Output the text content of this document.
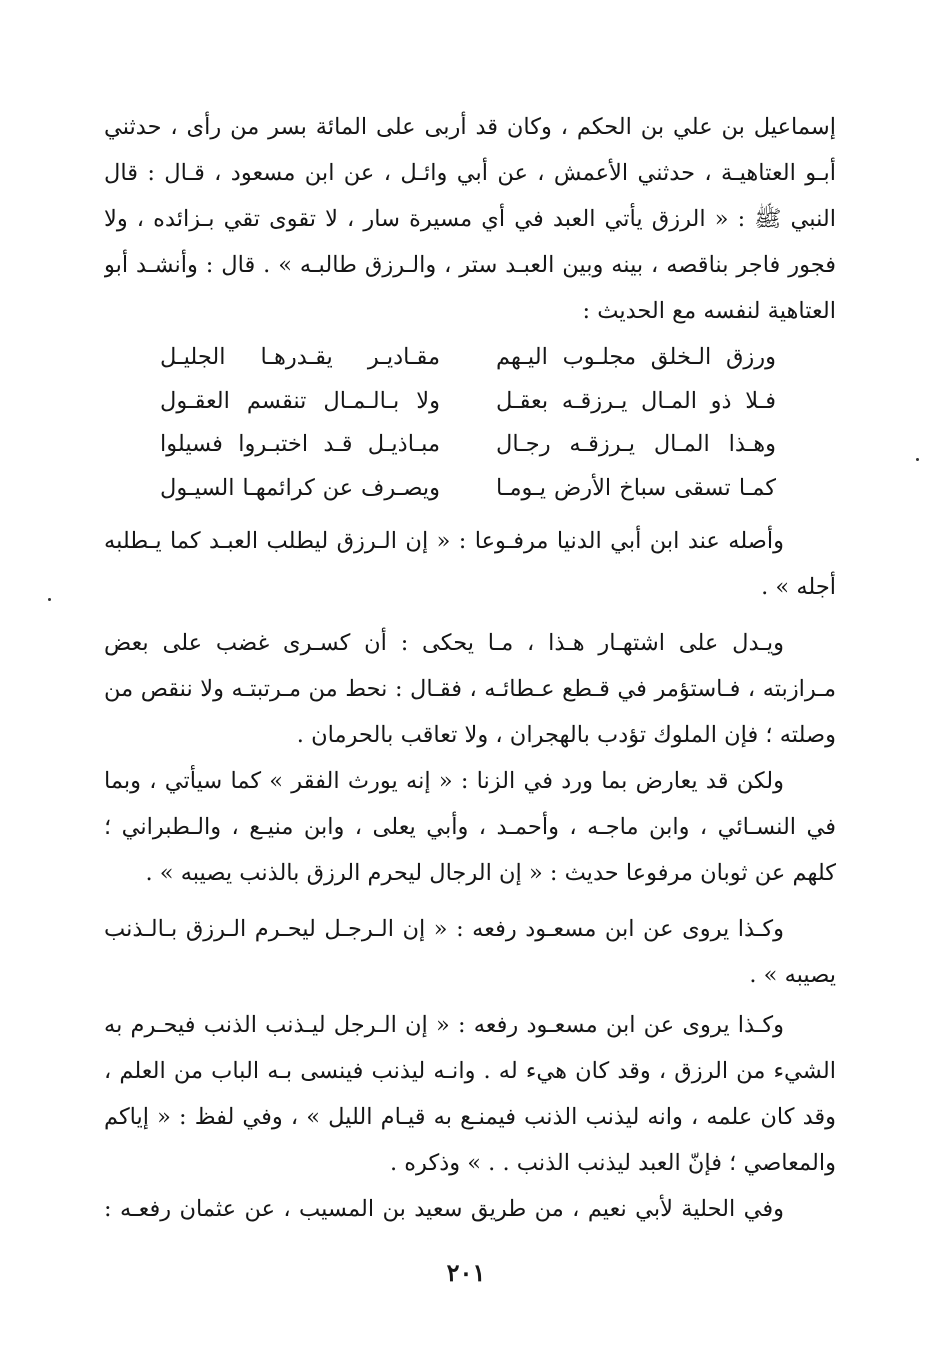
إسماعيل بن علي بن الحكم ، وكان قد أربى على المائة بسر من رأى ، حدثني
أبـو العتاهيـة ، حدثني الأعمش ، عن أبي وائـل ، عن ابن مسعود ، قـال : قال
النبي ﷺ : « الرزق يأتي العبد في أي مسيرة سار ، لا تقوى تقي بـزائده ، ولا
فجور فاجر بناقصه ، بينه وبين العبـد ستر ، والـرزق طالبـه » . قال : وأنشـد أبو
العتاهية لنفسه مع الحديث :
ورزق الـخلق مجلـوب اليـهم
مقـاديـر يقـدرهـا الجليـل
فـلا ذو المـال يـرزقـه بعقـل
ولا بـالـمـال تنقسم العقـول
وهـذا المـال يـرزقـه رجـال
مبـاذيـل قـد اختبـروا فسيلوا
كمـا تسقى سباخ الأرض يـومـا
ويصـرف عن كرائمهـا السيـول
وأصله عند ابن أبي الدنيا مرفـوعا : « إن الـرزق ليطلب العبـد كما يـطلبه
أجله » .
ويـدل على اشتهـار هـذا ، مـا يحكى : أن كسـرى غضب على بعض
مـرازبته ، فـاستؤمر في قـطع عـطائـه ، فقـال : نحط من مـرتبتـه ولا ننقص من
وصلته ؛ فإن الملوك تؤدب بالهجران ، ولا تعاقب بالحرمان .
ولكن قد يعارض بما ورد في الزنا : « إنه يورث الفقر » كما سيأتي ، وبما
في النسـائي ، وابن ماجـه ، وأحمـد ، وأبي يعلى ، وابن منيـع ، والـطبراني ؛
كلهم عن ثوبان مرفوعا حديث : « إن الرجال ليحرم الرزق بالذنب يصيبه » .
وكـذا يروى عن ابن مسعـود رفعه : « إن الـرجـل ليحـرم الـرزق بـالـذنب
يصيبه » .
وكـذا يروى عن ابن مسعـود رفعه : « إن الـرجل ليـذنب الذنب فيحـرم به
الشيء من الرزق ، وقد كان هيء له . وانـه ليذنب فينسى بـه الباب من العلم ،
وقد كان علمه ، وانه ليذنب الذنب فيمنـع به قيـام الليل » ، وفي لفظ : « إياكم
والمعاصي ؛ فإنّ العبد ليذنب الذنب . . » وذكره .
وفي الحلية لأبي نعيم ، من طريق سعيد بن المسيب ، عن عثمان رفعـه :
٢٠١
